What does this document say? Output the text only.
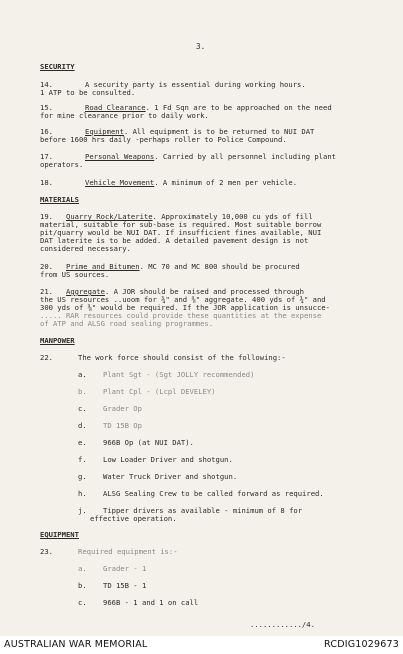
3.
SECURITY
14.	A security party is essential during working hours.
1 ATP to be consulted.
15.	Road Clearance. 1 Fd Sqn are to be approached on the need
for mine clearance prior to daily work.
16.	Equipment. All equipment is to be returned to NUI DAT
before 1600 hrs daily -perhaps roller to Police Compound.
17.	Personal Weapons. Carried by all personnel including plant
operators.
18.	Vehicle Movement. A minimum of 2 men per vehicle.
MATERIALS
19. Quarry Rock/Laterite. Approximately 10,000 cu yds of fill
material, suitable for sub-base is required. Most suitable borrow
pit/quarry would be NUI DAT. If insufficient fines available, NUI
DAT laterite is to be added. A detailed pavement design is not
considered necessary.
20. Prime and Bitumen. MC 70 and MC 800 should be procured
from US sources.
21. Aggregate. A JOR should be raised and processed through
the US resources ..uoom for ¾" and ⅜" aggregate. 400 yds of ¾" and
300 yds of ⅜" would be required. If the JOR application is unsucce-
..... RAR resources could provide these quantities at the expense
of ATP and ALSG road sealing programmes.
MANPOWER
22.	The work force should consist of the following:-
a. Plant Sgt - (Sgt JOLLY recommended)
b. Plant Cpl - (Lcpl DEVELEY)
c. Grader Op
d. TD 15B Op
e. 966B Op (at NUI DAT).
f. Low Loader Driver and shotgun.
g. Water Truck Driver and shotgun.
h. ALSG Sealing Crew to be called forward as required.
j. Tipper drivers as available - minimum of 8 for
effective operation.
EQUIPMENT
23.	Required equipment is:-
a. Grader - 1
b. TD 15B - 1
c. 966B - 1 and 1 on call
............/4.
AUSTRALIAN WAR MEMORIAL	RCDIG1029673
